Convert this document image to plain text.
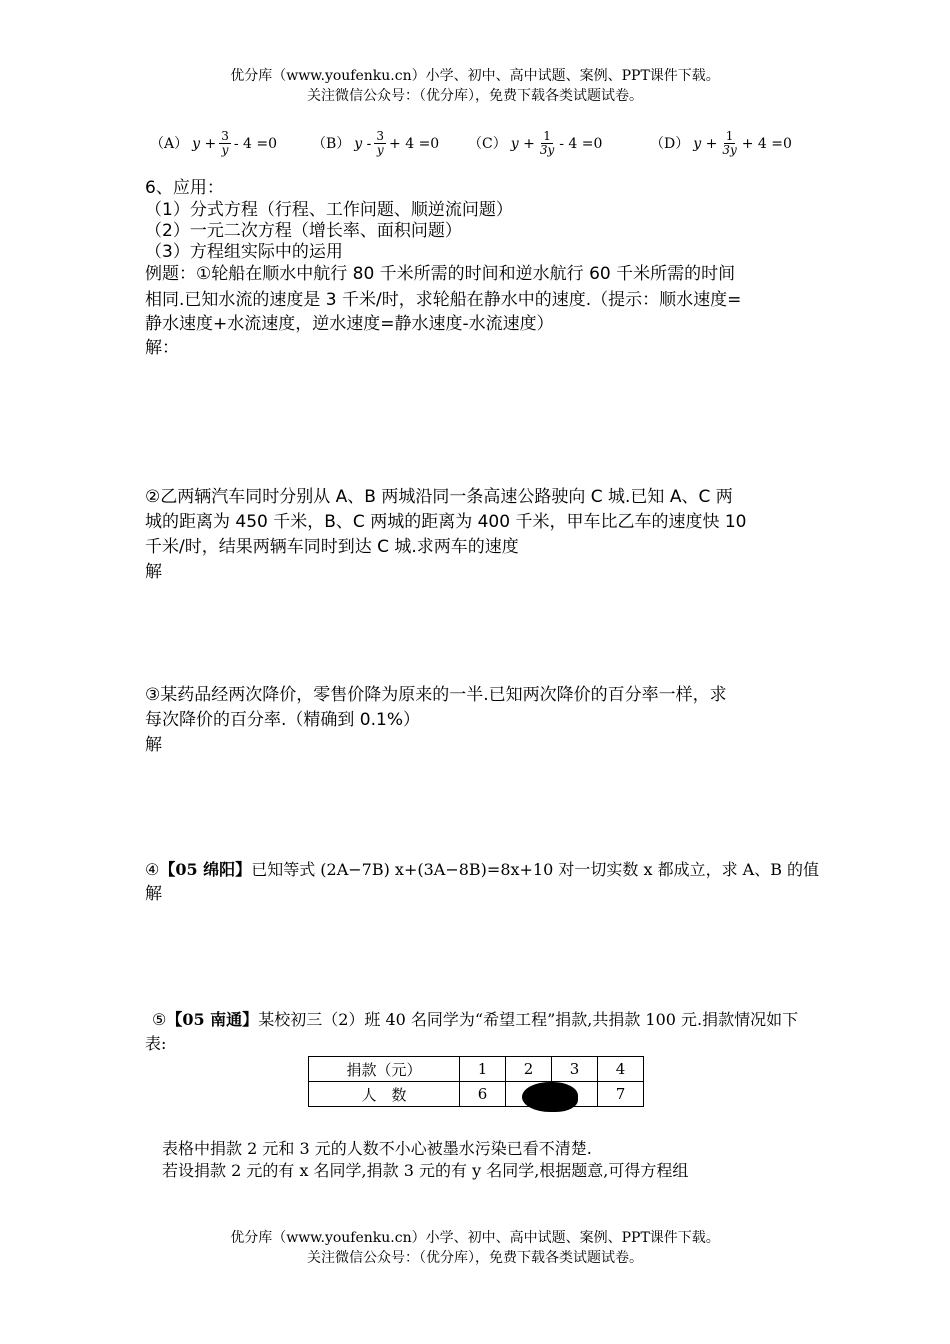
优分库（www.youfenku.cn）小学、初中、高中试题、案例、PPT课件下载。
关注微信公众号：（优分库），免费下载各类试题试卷。
（A） $y + \frac{3}{y} - 4 =0$ （B） $y - \frac{3}{y} + 4 =0$ （C） $y + \frac{1}{3y} - 4 =0$	（D） $y + \frac{1}{3y} + 4 =0$
6、应用：
（1）分式方程（行程、工作问题、顺逆流问题）
（2）一元二次方程（增长率、面积问题）
（3）方程组实际中的运用
例题：①轮船在顺水中航行 80 千米所需的时间和逆水航行 60 千米所需的时间
相同.已知水流的速度是 3 千米/时，求轮船在静水中的速度.（提示：顺水速度=
静水速度+水流速度，逆水速度=静水速度-水流速度）
解：
②乙两辆汽车同时分别从 A、B 两城沿同一条高速公路驶向 C 城.已知 A、C 两
城的距离为 450 千米，B、C 两城的距离为 400 千米，甲车比乙车的速度快 10
千米/时，结果两辆车同时到达 C 城.求两车的速度
解
③某药品经两次降价，零售价降为原来的一半.已知两次降价的百分率一样，求
每次降价的百分率.（精确到 0.1%）
解
④【05 绵阳】已知等式 (2A−7B) x+(3A−8B)=8x+10 对一切实数 x 都成立，求 A、B 的值
解
⑤【05 南通】某校初三（2）班 40 名同学为“希望工程”捐款,共捐款 100 元.捐款情况如下
表:
捐款（元）	1	2	3	4
人　数	6			7
表格中捐款 2 元和 3 元的人数不小心被墨水污染已看不清楚.
若设捐款 2 元的有 x 名同学,捐款 3 元的有 y 名同学,根据题意,可得方程组
优分库（www.youfenku.cn）小学、初中、高中试题、案例、PPT课件下载。
关注微信公众号：（优分库），免费下载各类试题试卷。
